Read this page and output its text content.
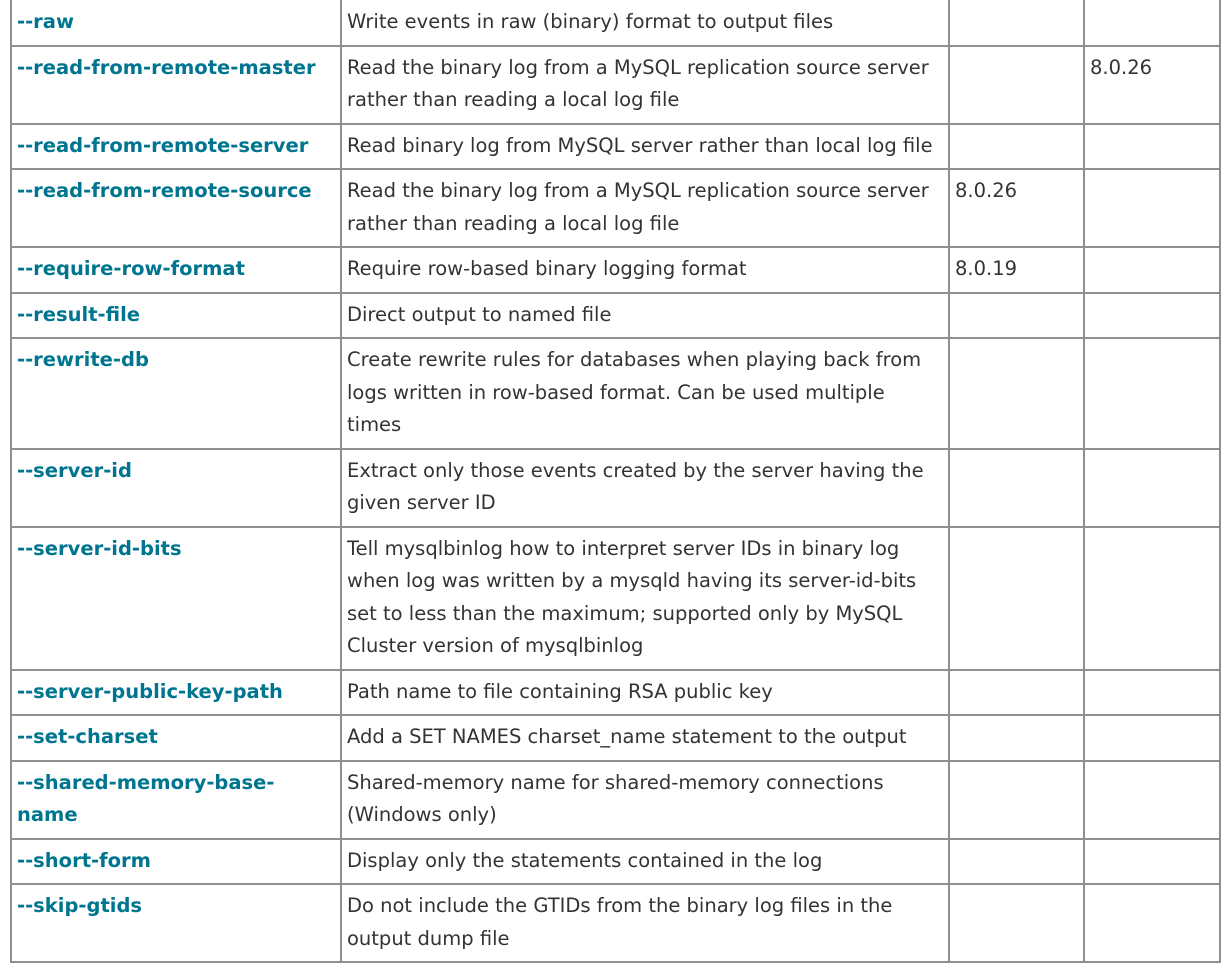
--raw	Write events in raw (binary) format to output files		
--read-from-remote-master	Read the binary log from a MySQL replication source server rather than reading a local log file		8.0.26
--read-from-remote-server	Read binary log from MySQL server rather than local log file		
--read-from-remote-source	Read the binary log from a MySQL replication source server rather than reading a local log file	8.0.26	
--require-row-format	Require row-based binary logging format	8.0.19	
--result-file	Direct output to named file		
--rewrite-db	Create rewrite rules for databases when playing back from logs written in row-based format. Can be used multiple times		
--server-id	Extract only those events created by the server having the given server ID		
--server-id-bits	Tell mysqlbinlog how to interpret server IDs in binary log when log was written by a mysqld having its server-id-bits set to less than the maximum; supported only by MySQL Cluster version of mysqlbinlog		
--server-public-key-path	Path name to file containing RSA public key		
--set-charset	Add a SET NAMES charset_name statement to the output		
--shared-memory-base-name	Shared-memory name for shared-memory connections (Windows only)		
--short-form	Display only the statements contained in the log		
--skip-gtids	Do not include the GTIDs from the binary log files in the output dump file		
